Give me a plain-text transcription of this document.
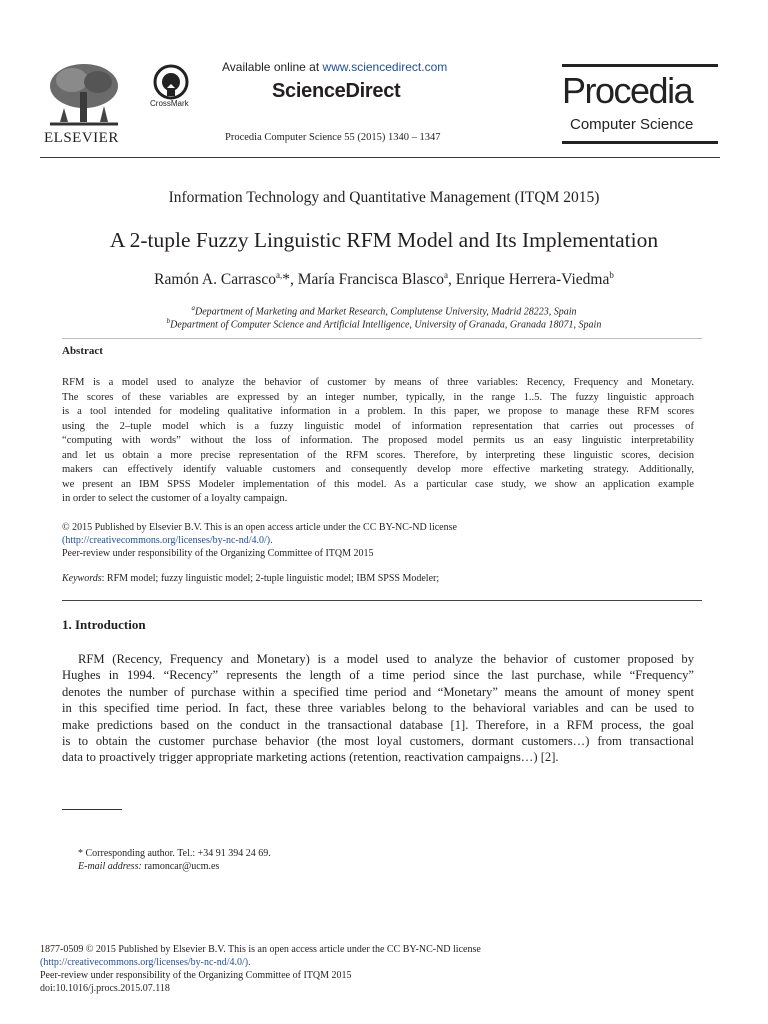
ELSEVIER
CrossMark
Available online at www.sciencedirect.com
ScienceDirect
Procedia Computer Science 55 (2015) 1340 – 1347
Procedia
Computer Science
Information Technology and Quantitative Management (ITQM 2015)
A 2-tuple Fuzzy Linguistic RFM Model and Its Implementation
Ramón A. Carrasco$^{a,}$*, María Francisca Blasco$^a$, Enrique Herrera-Viedma$^b$
$^a$Department of Marketing and Market Research, Complutense University, Madrid 28223, Spain
$^b$Department of Computer Science and Artificial Intelligence, University of Granada, Granada 18071, Spain
Abstract
RFM is a model used to analyze the behavior of customer by means of three variables: Recency, Frequency and Monetary.
The scores of these variables are expressed by an integer number, typically, in the range 1..5. The fuzzy linguistic approach
is a tool intended for modeling qualitative information in a problem. In this paper, we propose to manage these RFM scores
using the 2–tuple model which is a fuzzy linguistic model of information representation that carries out processes of
“computing with words” without the loss of information. The proposed model permits us an easy linguistic interpretability
and let us obtain a more precise representation of the RFM scores. Therefore, by interpreting these linguistic scores, decision
makers can effectively identify valuable customers and consequently develop more effective marketing strategy. Additionally,
we present an IBM SPSS Modeler implementation of this model. As a particular case study, we show an application example
in order to select the customer of a loyalty campaign.
© 2015 Published by Elsevier B.V. This is an open access article under the CC BY-NC-ND license
(http://creativecommons.org/licenses/by-nc-nd/4.0/).
Peer-review under responsibility of the Organizing Committee of ITQM 2015
Keywords: RFM model; fuzzy linguistic model; 2-tuple linguistic model; IBM SPSS Modeler;
1. Introduction
RFM (Recency, Frequency and Monetary) is a model used to analyze the behavior of customer proposed by
Hughes in 1994. “Recency” represents the length of a time period since the last purchase, while “Frequency”
denotes the number of purchase within a specified time period and “Monetary” means the amount of money spent
in this specified time period. In fact, these three variables belong to the behavioral variables and can be used to
make predictions based on the conduct in the transactional database [1]. Therefore, in a RFM process, the goal
is to obtain the customer purchase behavior (the most loyal customers, dormant customers…) from transactional
data to proactively trigger appropriate marketing actions (retention, reactivation campaigns…) [2].
* Corresponding author. Tel.: +34 91 394 24 69.
E-mail address: ramoncar@ucm.es
1877-0509 © 2015 Published by Elsevier B.V. This is an open access article under the CC BY-NC-ND license
(http://creativecommons.org/licenses/by-nc-nd/4.0/).
Peer-review under responsibility of the Organizing Committee of ITQM 2015
doi:10.1016/j.procs.2015.07.118
